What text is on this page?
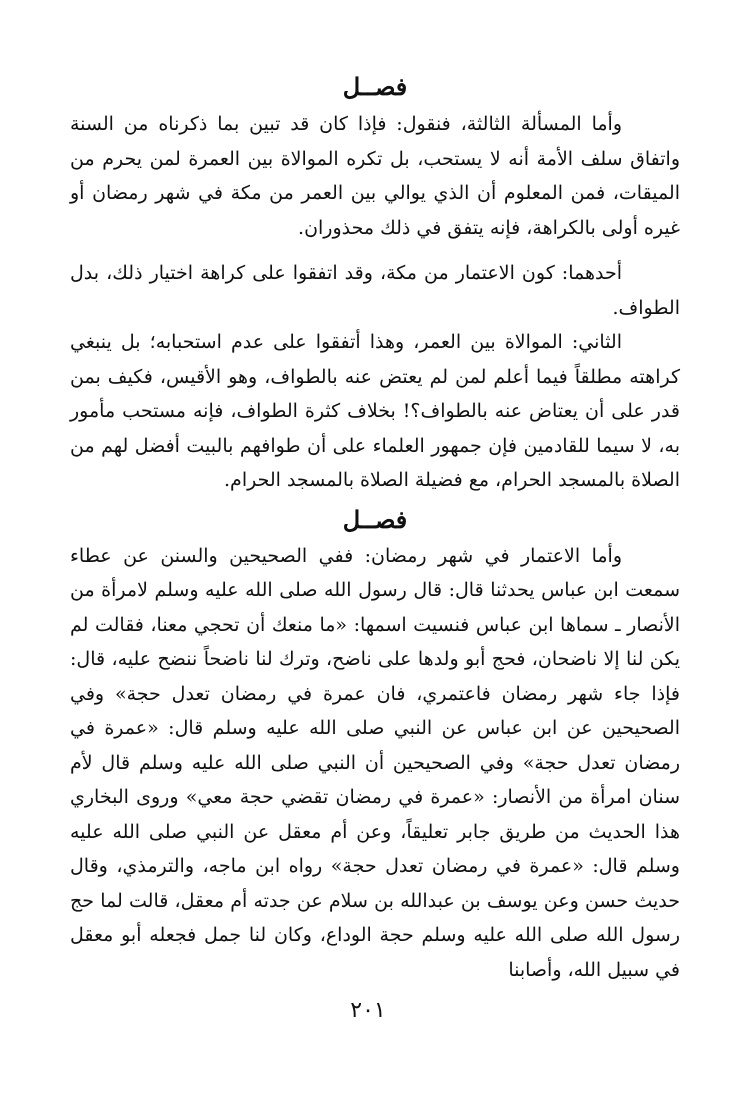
فصــل

وأما المسألة الثالثة، فنقول: فإذا كان قد تبين بما ذكرناه من السنة واتفاق سلف الأمة أنه لا يستحب، بل تكره الموالاة بين العمرة لمن يحرم من الميقات، فمن المعلوم أن الذي يوالي بين العمر من مكة في شهر رمضان أو غيره أولى بالكراهة، فإنه يتفق في ذلك محذوران.

أحدهما: كون الاعتمار من مكة، وقد اتفقوا على كراهة اختيار ذلك، بدل الطواف.

الثاني: الموالاة بين العمر، وهذا أتفقوا على عدم استحبابه؛ بل ينبغي كراهته مطلقاً فيما أعلم لمن لم يعتض عنه بالطواف، وهو الأقيس، فكيف بمن قدر على أن يعتاض عنه بالطواف؟! بخلاف كثرة الطواف، فإنه مستحب مأمور به، لا سيما للقادمين فإن جمهور العلماء على أن طوافهم بالبيت أفضل لهم من الصلاة بالمسجد الحرام، مع فضيلة الصلاة بالمسجد الحرام.

فصــل

وأما الاعتمار في شهر رمضان: ففي الصحيحين والسنن عن عطاء سمعت ابن عباس يحدثنا قال: قال رسول الله صلى الله عليه وسلم لامرأة من الأنصار ـ سماها ابن عباس فنسيت اسمها: «ما منعك أن تحجي معنا، فقالت لم يكن لنا إلا ناضحان، فحج أبو ولدها على ناضح، وترك لنا ناضحاً ننضح عليه، قال: فإذا جاء شهر رمضان فاعتمري، فان عمرة في رمضان تعدل حجة» وفي الصحيحين عن ابن عباس عن النبي صلى الله عليه وسلم قال: «عمرة في رمضان تعدل حجة» وفي الصحيحين أن النبي صلى الله عليه وسلم قال لأم سنان امرأة من الأنصار: «عمرة في رمضان تقضي حجة معي» وروى البخاري هذا الحديث من طريق جابر تعليقاً، وعن أم معقل عن النبي صلى الله عليه وسلم قال: «عمرة في رمضان تعدل حجة» رواه ابن ماجه، والترمذي، وقال حديث حسن وعن يوسف بن عبدالله بن سلام عن جدته أم معقل، قالت لما حج رسول الله صلى الله عليه وسلم حجة الوداع، وكان لنا جمل فجعله أبو معقل في سبيل الله، وأصابنا

٢٠١
